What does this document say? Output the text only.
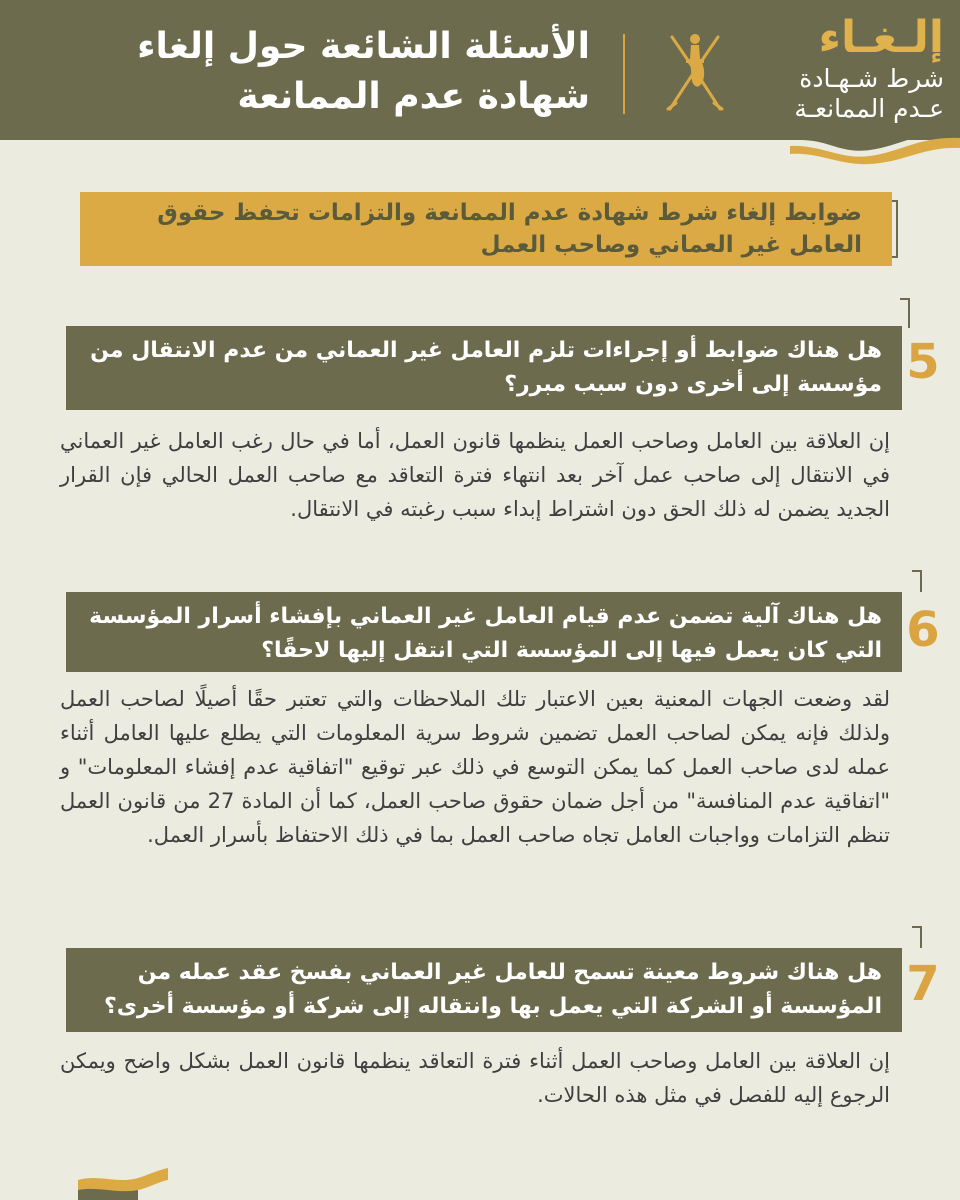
الأسئلة الشائعة حول إلغاء
شهادة عدم الممانعة
إلـغـاء
شرط شـهـادة
عـدم الممانعـة
ضوابط إلغاء شرط شهادة عدم الممانعة والتزامات تحفظ حقوق
العامل غير العماني وصاحب العمل
5
هل هناك ضوابط أو إجراءات تلزم العامل غير العماني من عدم الانتقال من مؤسسة إلى أخرى دون سبب مبرر؟

إن العلاقة بين العامل وصاحب العمل ينظمها قانون العمل، أما في حال رغب العامل غير العماني في الانتقال إلى صاحب عمل آخر بعد انتهاء فترة التعاقد مع صاحب العمل الحالي فإن القرار الجديد يضمن له ذلك الحق دون اشتراط إبداء سبب رغبته في الانتقال.

6
هل هناك آلية تضمن عدم قيام العامل غير العماني بإفشاء أسرار المؤسسة التي كان يعمل فيها إلى المؤسسة التي انتقل إليها لاحقًا؟

لقد وضعت الجهات المعنية بعين الاعتبار تلك الملاحظات والتي تعتبر حقًا أصيلًا لصاحب العمل ولذلك فإنه يمكن لصاحب العمل تضمين شروط سرية المعلومات التي يطلع عليها العامل أثناء عمله لدى صاحب العمل كما يمكن التوسع في ذلك عبر توقيع "اتفاقية عدم إفشاء المعلومات" و "اتفاقية عدم المنافسة" من أجل ضمان حقوق صاحب العمل، كما أن المادة 27 من قانون العمل تنظم التزامات وواجبات العامل تجاه صاحب العمل بما في ذلك الاحتفاظ بأسرار العمل.

7
هل هناك شروط معينة تسمح للعامل غير العماني بفسخ عقد عمله من المؤسسة أو الشركة التي يعمل بها وانتقاله إلى شركة أو مؤسسة أخرى؟

إن العلاقة بين العامل وصاحب العمل أثناء فترة التعاقد ينظمها قانون العمل بشكل واضح ويمكن الرجوع إليه للفصل في مثل هذه الحالات.
